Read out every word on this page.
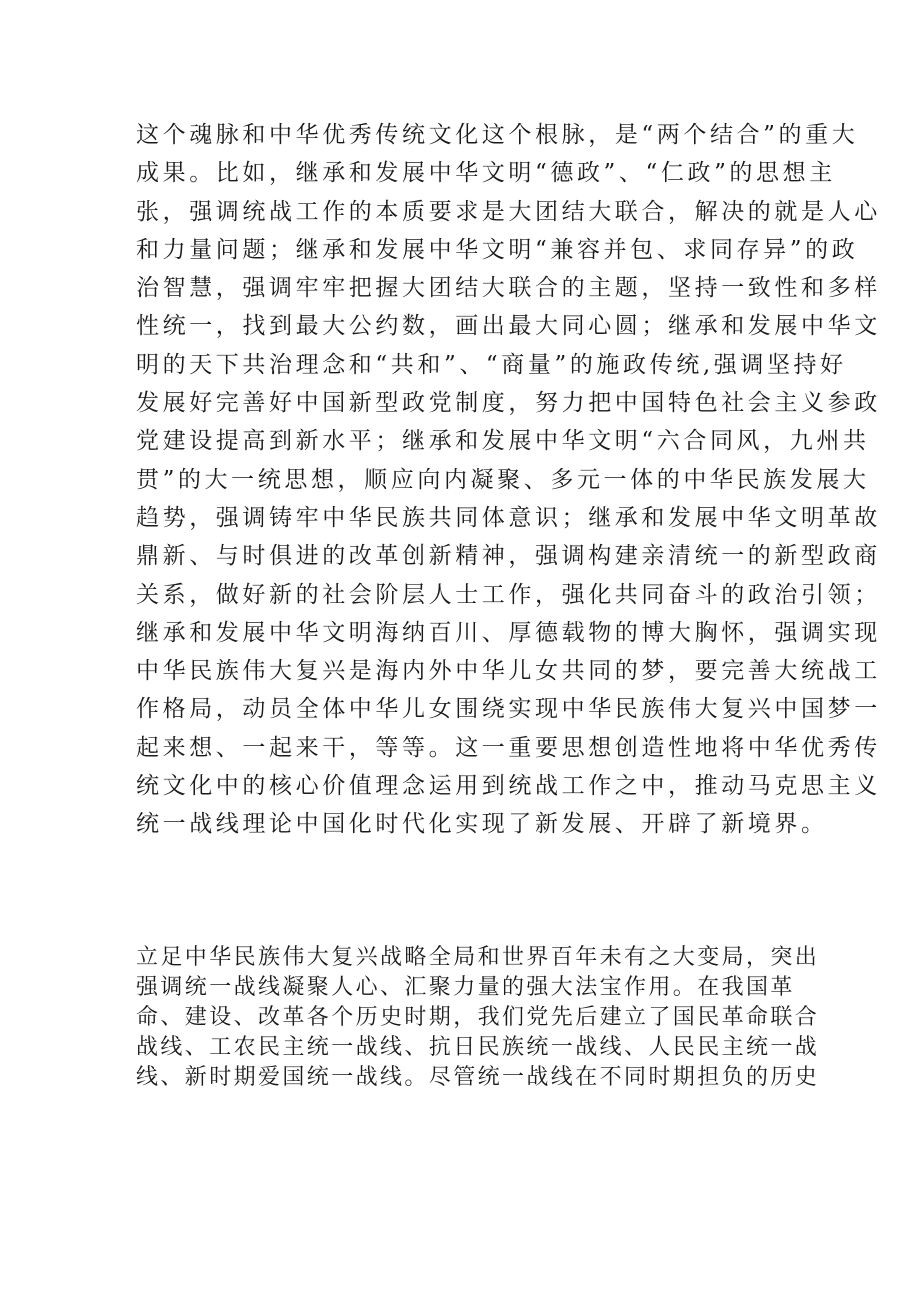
这个魂脉和中华优秀传统文化这个根脉，是“两个结合”的重大
成果。比如，继承和发展中华文明“德政”、“仁政”的思想主
张，强调统战工作的本质要求是大团结大联合，解决的就是人心
和力量问题；继承和发展中华文明“兼容并包、求同存异”的政
治智慧，强调牢牢把握大团结大联合的主题，坚持一致性和多样
性统一，找到最大公约数，画出最大同心圆；继承和发展中华文
明的天下共治理念和“共和”、“商量”的施政传统,强调坚持好
发展好完善好中国新型政党制度，努力把中国特色社会主义参政
党建设提高到新水平；继承和发展中华文明“六合同风，九州共
贯”的大一统思想，顺应向内凝聚、多元一体的中华民族发展大
趋势，强调铸牢中华民族共同体意识；继承和发展中华文明革故
鼎新、与时俱进的改革创新精神，强调构建亲清统一的新型政商
关系，做好新的社会阶层人士工作，强化共同奋斗的政治引领；
继承和发展中华文明海纳百川、厚德载物的博大胸怀，强调实现
中华民族伟大复兴是海内外中华儿女共同的梦，要完善大统战工
作格局，动员全体中华儿女围绕实现中华民族伟大复兴中国梦一
起来想、一起来干，等等。这一重要思想创造性地将中华优秀传
统文化中的核心价值理念运用到统战工作之中，推动马克思主义
统一战线理论中国化时代化实现了新发展、开辟了新境界。
立足中华民族伟大复兴战略全局和世界百年未有之大变局，突出
强调统一战线凝聚人心、汇聚力量的强大法宝作用。在我国革
命、建设、改革各个历史时期，我们党先后建立了国民革命联合
战线、工农民主统一战线、抗日民族统一战线、人民民主统一战
线、新时期爱国统一战线。尽管统一战线在不同时期担负的历史
